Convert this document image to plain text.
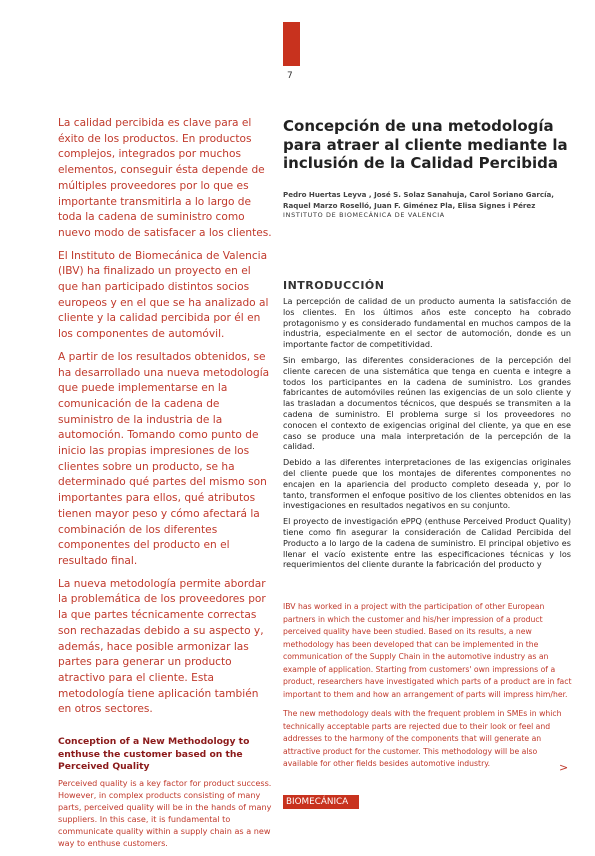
7

La calidad percibida es clave para el éxito de los productos. En productos complejos, integrados por muchos elementos, conseguir ésta depende de múltiples proveedores por lo que es importante transmitirla a lo largo de toda la cadena de suministro como nuevo modo de satisfacer a los clientes.

El Instituto de Biomecánica de Valencia (IBV) ha finalizado un proyecto en el que han participado distintos socios europeos y en el que se ha analizado al cliente y la calidad percibida por él en los componentes de automóvil.

A partir de los resultados obtenidos, se ha desarrollado una nueva metodología que puede implementarse en la comunicación de la cadena de suministro de la industria de la automoción. Tomando como punto de inicio las propias impresiones de los clientes sobre un producto, se ha determinado qué partes del mismo son importantes para ellos, qué atributos tienen mayor peso y cómo afectará la combinación de los diferentes componentes del producto en el resultado final.

La nueva metodología permite abordar la problemática de los proveedores por la que partes técnicamente correctas son rechazadas debido a su aspecto y, además, hace posible armonizar las partes para generar un producto atractivo para el cliente. Esta metodología tiene aplicación también en otros sectores.

Conception of a New Methodology to enthuse the customer based on the Perceived Quality

Perceived quality is a key factor for product success. However, in complex products consisting of many parts, perceived quality will be in the hands of many suppliers. In this case, it is fundamental to communicate quality within a supply chain as a new way to enthuse customers.

Concepción de una metodología para atraer al cliente mediante la inclusión de la Calidad Percibida

Pedro Huertas Leyva , José S. Solaz Sanahuja, Carol Soriano García, Raquel Marzo Roselló, Juan F. Giménez Pla, Elisa Signes i Pérez

INSTITUTO DE BIOMECÁNICA DE VALENCIA

INTRODUCCIÓN

La percepción de calidad de un producto aumenta la satisfacción de los clientes. En los últimos años este concepto ha cobrado protagonismo y es considerado fundamental en muchos campos de la industria, especialmente en el sector de automoción, donde es un importante factor de competitividad.

Sin embargo, las diferentes consideraciones de la percepción del cliente carecen de una sistemática que tenga en cuenta e integre a todos los participantes en la cadena de suministro. Los grandes fabricantes de automóviles reúnen las exigencias de un solo cliente y las trasladan a documentos técnicos, que después se transmiten a la cadena de suministro. El problema surge si los proveedores no conocen el contexto de exigencias original del cliente, ya que en ese caso se produce una mala interpretación de la percepción de la calidad.

Debido a las diferentes interpretaciones de las exigencias originales del cliente puede que los montajes de diferentes componentes no encajen en la apariencia del producto completo deseada y, por lo tanto, transformen el enfoque positivo de los clientes obtenidos en las investigaciones en resultados negativos en su conjunto.

El proyecto de investigación ePPQ (enthuse Perceived Product Quality) tiene como fin asegurar la consideración de Calidad Percibida del Producto a lo largo de la cadena de suministro. El principal objetivo es llenar el vacío existente entre las especificaciones técnicas y los requerimientos del cliente durante la fabricación del producto y

IBV has worked in a project with the participation of other European partners in which the customer and his/her impression of a product perceived quality have been studied. Based on its results, a new methodology has been developed that can be implemented in the communication of the Supply Chain in the automotive industry as an example of application. Starting from customers' own impressions of a product, researchers have investigated which parts of a product are in fact important to them and how an arrangement of parts will impress him/her.

The new methodology deals with the frequent problem in SMEs in which technically acceptable parts are rejected due to their look or feel and addresses to the harmony of the components that will generate an attractive product for the customer. This methodology will be also available for other fields besides automotive industry.	>
BIOMECÁNICA 53
